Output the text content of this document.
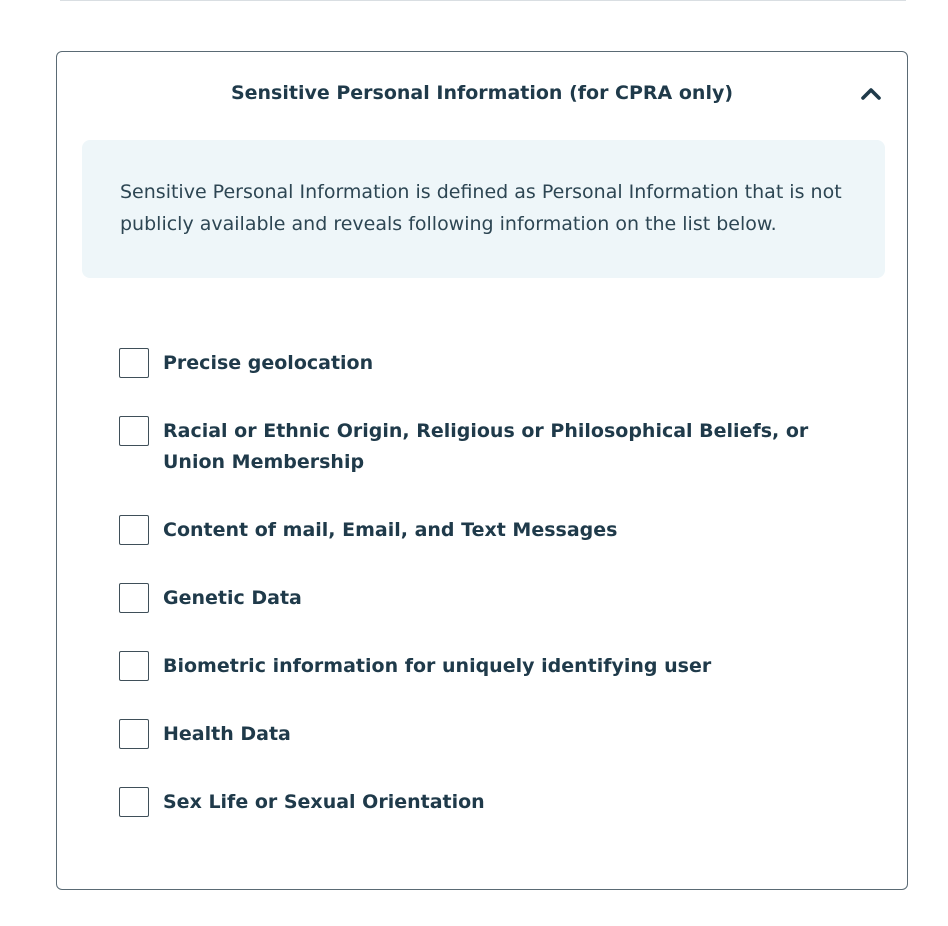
Sensitive Personal Information (for CPRA only)
Sensitive Personal Information is defined as Personal Information that is not publicly available and reveals following information on the list below.
Precise geolocation
Racial or Ethnic Origin, Religious or Philosophical Beliefs, or Union Membership
Content of mail, Email, and Text Messages
Genetic Data
Biometric information for uniquely identifying user
Health Data
Sex Life or Sexual Orientation
